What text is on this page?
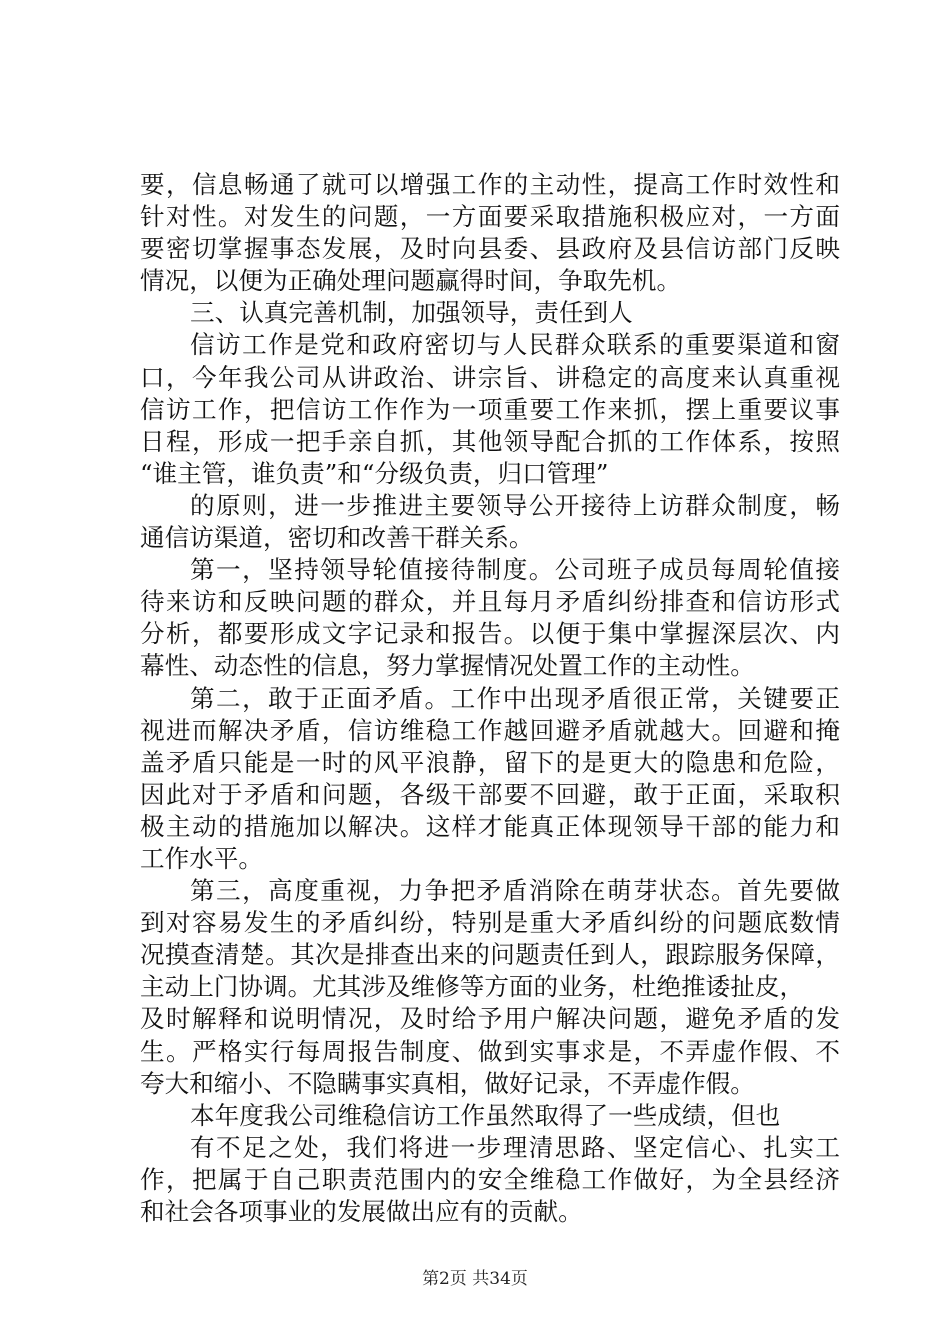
要，信息畅通了就可以增强工作的主动性，提高工作时效性和
针对性。对发生的问题，一方面要采取措施积极应对，一方面
要密切掌握事态发展，及时向县委、县政府及县信访部门反映
情况，以便为正确处理问题赢得时间，争取先机。
三、认真完善机制，加强领导，责任到人
信访工作是党和政府密切与人民群众联系的重要渠道和窗
口，今年我公司从讲政治、讲宗旨、讲稳定的高度来认真重视
信访工作，把信访工作作为一项重要工作来抓，摆上重要议事
日程，形成一把手亲自抓，其他领导配合抓的工作体系，按照
“谁主管，谁负责”和“分级负责，归口管理”
的原则，进一步推进主要领导公开接待上访群众制度，畅
通信访渠道，密切和改善干群关系。
第一，坚持领导轮值接待制度。公司班子成员每周轮值接
待来访和反映问题的群众，并且每月矛盾纠纷排查和信访形式
分析，都要形成文字记录和报告。以便于集中掌握深层次、内
幕性、动态性的信息，努力掌握情况处置工作的主动性。
第二，敢于正面矛盾。工作中出现矛盾很正常，关键要正
视进而解决矛盾，信访维稳工作越回避矛盾就越大。回避和掩
盖矛盾只能是一时的风平浪静，留下的是更大的隐患和危险，
因此对于矛盾和问题，各级干部要不回避，敢于正面，采取积
极主动的措施加以解决。这样才能真正体现领导干部的能力和
工作水平。
第三，高度重视，力争把矛盾消除在萌芽状态。首先要做
到对容易发生的矛盾纠纷，特别是重大矛盾纠纷的问题底数情
况摸查清楚。其次是排查出来的问题责任到人，跟踪服务保障，
主动上门协调。尤其涉及维修等方面的业务，杜绝推诿扯皮，
及时解释和说明情况，及时给予用户解决问题，避免矛盾的发
生。严格实行每周报告制度、做到实事求是，不弄虚作假、不
夸大和缩小、不隐瞒事实真相，做好记录，不弄虚作假。
本年度我公司维稳信访工作虽然取得了一些成绩，但也
有不足之处，我们将进一步理清思路、坚定信心、扎实工
作，把属于自己职责范围内的安全维稳工作做好，为全县经济
和社会各项事业的发展做出应有的贡献。
第2页 共34页
